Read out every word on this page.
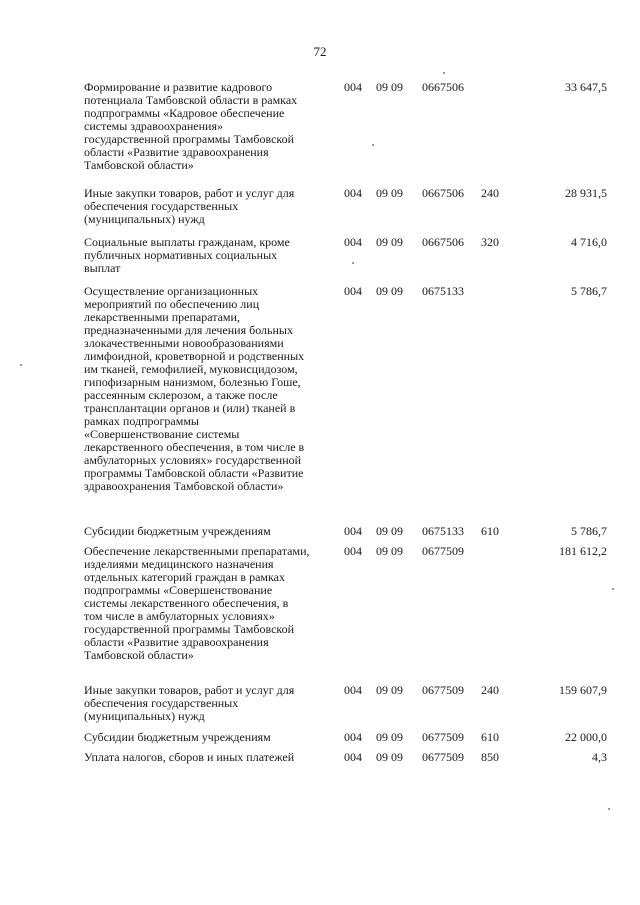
72
Формирование и развитие кадрового
потенциала Тамбовской области в рамках
подпрограммы «Кадровое обеспечение
системы здравоохранения»
государственной программы Тамбовской
области «Развитие здравоохранения
Тамбовской области»
004 09 09 0667506	33 647,5
Иные закупки товаров, работ и услуг для
обеспечения государственных
(муниципальных) нужд
004 09 09 0667506 240	28 931,5
Социальные выплаты гражданам, кроме
публичных нормативных социальных
выплат
004 09 09 0667506 320	4 716,0
Осуществление организационных
мероприятий по обеспечению лиц
лекарственными препаратами,
предназначенными для лечения больных
злокачественными новообразованиями
лимфоидной, кроветворной и родственных
им тканей, гемофилией, муковисцидозом,
гипофизарным нанизмом, болезнью Гоше,
рассеянным склерозом, а также после
трансплантации органов и (или) тканей в
рамках подпрограммы
«Совершенствование системы
лекарственного обеспечения, в том числе в
амбулаторных условиях» государственной
программы Тамбовской области «Развитие
здравоохранения Тамбовской области»
004 09 09 0675133	5 786,7
Субсидии бюджетным учреждениям	004 09 09 0675133 610	5 786,7
Обеспечение лекарственными препаратами,
изделиями медицинского назначения
отдельных категорий граждан в рамках
подпрограммы «Совершенствование
системы лекарственного обеспечения, в
том числе в амбулаторных условиях»
государственной программы Тамбовской
области «Развитие здравоохранения
Тамбовской области»
004 09 09 0677509	181 612,2
Иные закупки товаров, работ и услуг для
обеспечения государственных
(муниципальных) нужд
004 09 09 0677509 240	159 607,9
Субсидии бюджетным учреждениям	004 09 09 0677509 610	22 000,0
Уплата налогов, сборов и иных платежей	004 09 09 0677509 850	4,3
